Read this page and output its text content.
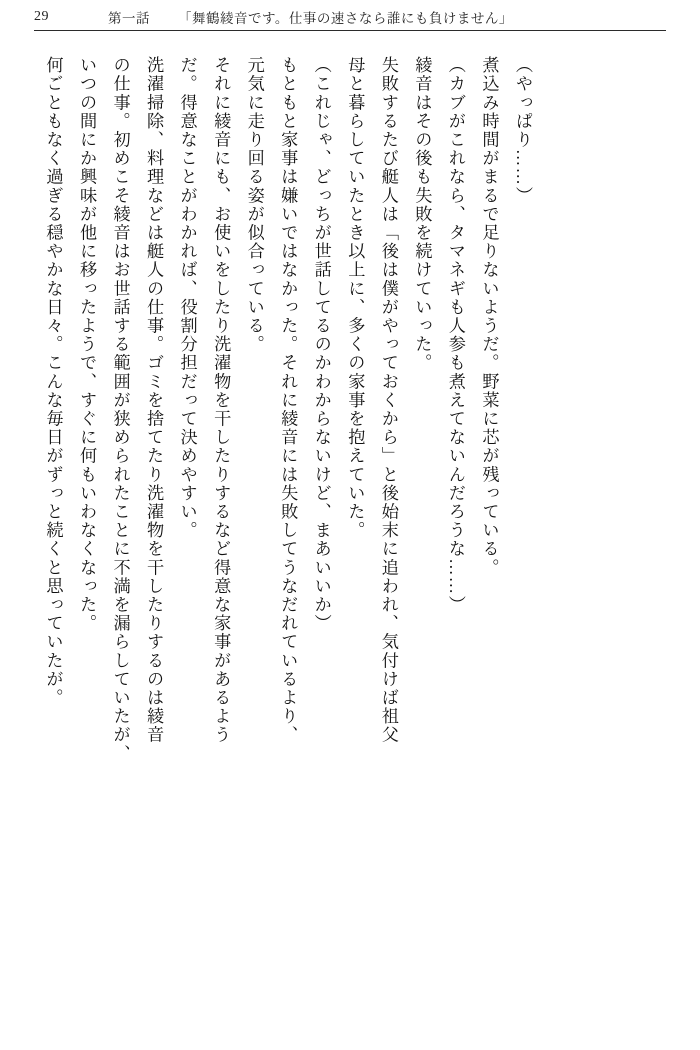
29	第一話 「舞鶴綾音です。仕事の速さなら誰にも負けません」

（やっぱり……）

煮込み時間がまるで足りないようだ。野菜に芯が残っている。

（カブがこれなら、タマネギも人参も煮えてないんだろうな……）

綾音はその後も失敗を続けていった。

失敗するたび艇人は「後は僕がやっておくから」と後始末に追われ、気付けば祖父

母と暮らしていたとき以上に、多くの家事を抱えていた。

（これじゃ、どっちが世話してるのかわからないけど、まあいいか）

もともと家事は嫌いではなかった。それに綾音には失敗してうなだれているより、

元気に走り回る姿が似合っている。

それに綾音にも、お使いをしたり洗濯物を干したりするなど得意な家事があるよう

だ。得意なことがわかれば、役割分担だって決めやすい。

洗濯掃除、料理などは艇人の仕事。ゴミを捨てたり洗濯物を干したりするのは綾音

の仕事。初めこそ綾音はお世話する範囲が狭められたことに不満を漏らしていたが、

いつの間にか興味が他に移ったようで、すぐに何もいわなくなった。

何ごともなく過ぎる穏やかな日々。こんな毎日がずっと続くと思っていたが。
